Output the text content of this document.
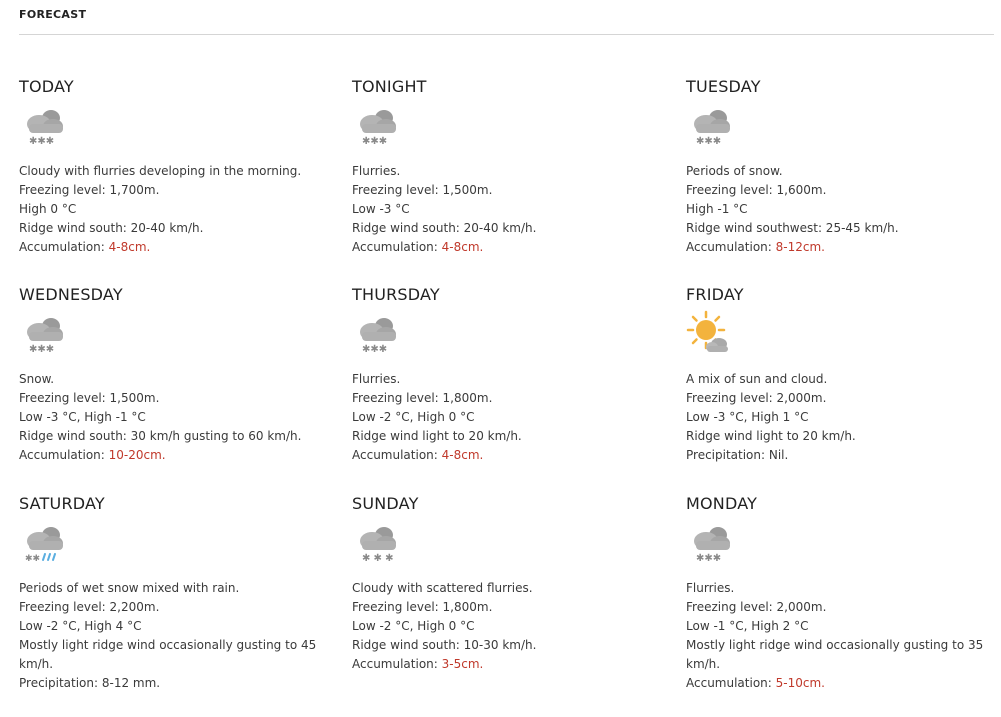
FORECAST
TODAY
✱✱✱
Cloudy with flurries developing in the morning.
Freezing level: 1,700m.
High 0 °C
Ridge wind south: 20-40 km/h.
Accumulation: 4-8cm.
TONIGHT
✱✱✱
Flurries.
Freezing level: 1,500m.
Low -3 °C
Ridge wind south: 20-40 km/h.
Accumulation: 4-8cm.
TUESDAY
✱✱✱
Periods of snow.
Freezing level: 1,600m.
High -1 °C
Ridge wind southwest: 25-45 km/h.
Accumulation: 8-12cm.
WEDNESDAY
✱✱✱
Snow.
Freezing level: 1,500m.
Low -3 °C, High -1 °C
Ridge wind south: 30 km/h gusting to 60 km/h.
Accumulation: 10-20cm.
THURSDAY
✱✱✱
Flurries.
Freezing level: 1,800m.
Low -2 °C, High 0 °C
Ridge wind light to 20 km/h.
Accumulation: 4-8cm.
FRIDAY
A mix of sun and cloud.
Freezing level: 2,000m.
Low -3 °C, High 1 °C
Ridge wind light to 20 km/h.
Precipitation: Nil.
SATURDAY
✱✱
Periods of wet snow mixed with rain.
Freezing level: 2,200m.
Low -2 °C, High 4 °C
Mostly light ridge wind occasionally gusting to 45 km/h.
Precipitation: 8-12 mm.
SUNDAY
✱ ✱ ✱
Cloudy with scattered flurries.
Freezing level: 1,800m.
Low -2 °C, High 0 °C
Ridge wind south: 10-30 km/h.
Accumulation: 3-5cm.
MONDAY
✱✱✱
Flurries.
Freezing level: 2,000m.
Low -1 °C, High 2 °C
Mostly light ridge wind occasionally gusting to 35 km/h.
Accumulation: 5-10cm.
